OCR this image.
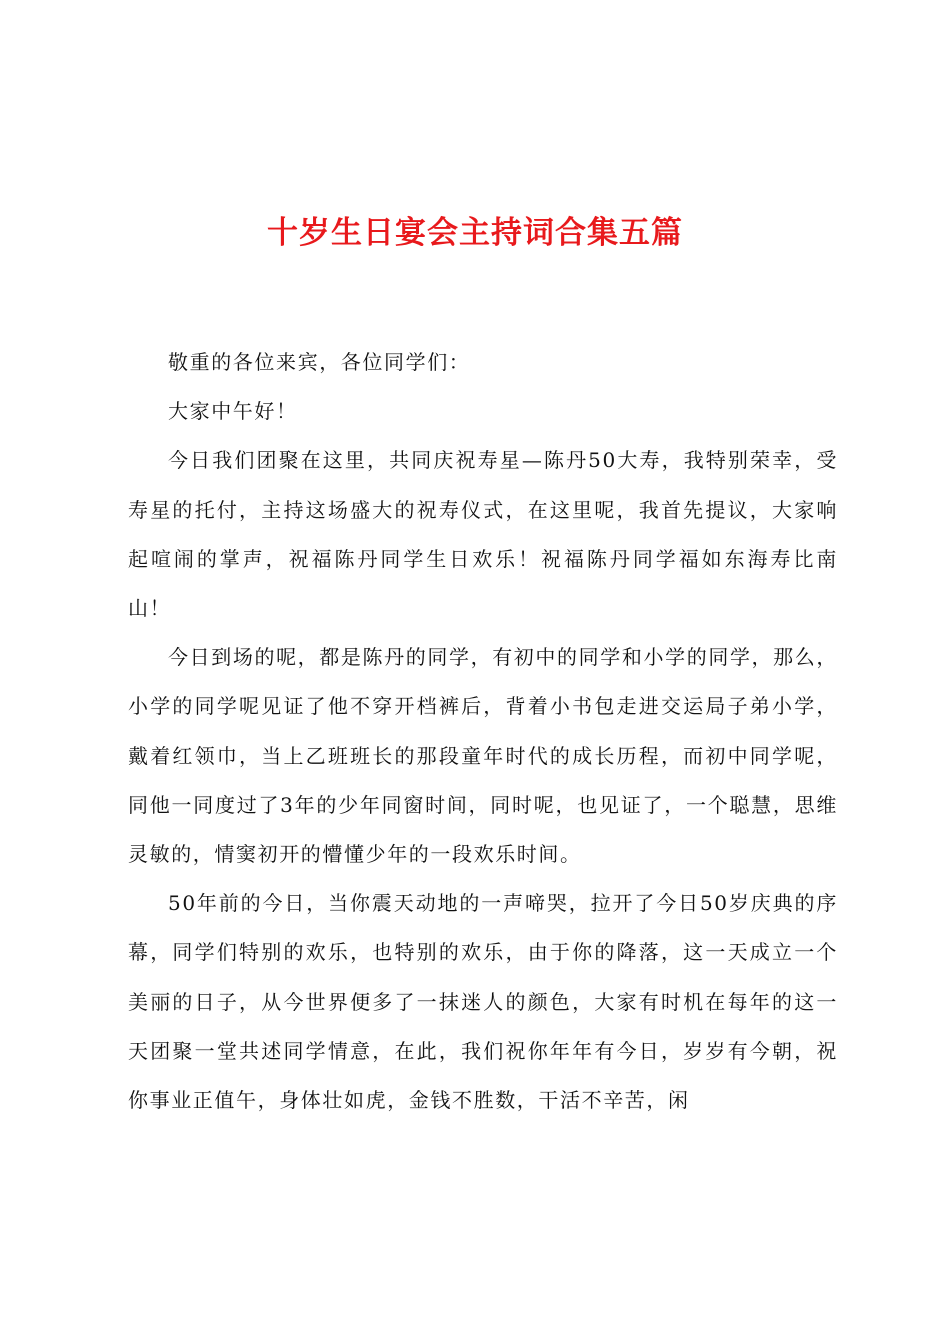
十岁生日宴会主持词合集五篇

敬重的各位来宾，各位同学们：

大家中午好！

今日我们团聚在这里，共同庆祝寿星—陈丹50大寿，我特别荣幸，受寿星的托付，主持这场盛大的祝寿仪式，在这里呢，我首先提议，大家响起喧闹的掌声，祝福陈丹同学生日欢乐！祝福陈丹同学福如东海寿比南山！

今日到场的呢，都是陈丹的同学，有初中的同学和小学的同学，那么，小学的同学呢见证了他不穿开档裤后，背着小书包走进交运局子弟小学，戴着红领巾，当上乙班班长的那段童年时代的成长历程，而初中同学呢，同他一同度过了3年的少年同窗时间，同时呢，也见证了，一个聪慧，思维灵敏的，情窦初开的懵懂少年的一段欢乐时间。

50年前的今日，当你震天动地的一声啼哭，拉开了今日50岁庆典的序幕，同学们特别的欢乐，也特别的欢乐，由于你的降落，这一天成立一个美丽的日子，从今世界便多了一抹迷人的颜色，大家有时机在每年的这一天团聚一堂共述同学情意，在此，我们祝你年年有今日，岁岁有今朝，祝你事业正值午，身体壮如虎，金钱不胜数，干活不辛苦，闲
